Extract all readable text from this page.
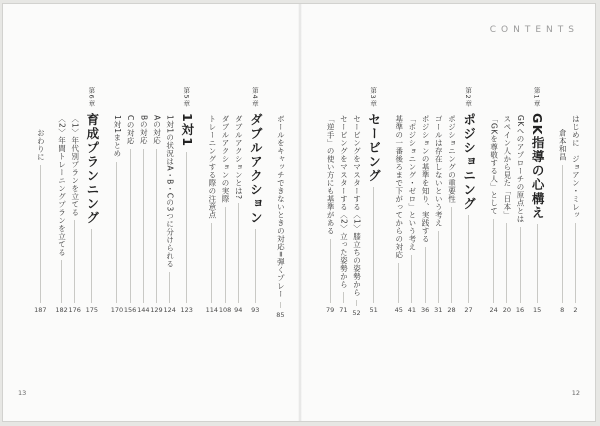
ボールをキャッチできないときの対応=弾くプレー
85
第4章
ダブルアクション
93
ダブルアクションとは?
94
ダブルアクションの実際
108
トレーニングする際の注意点
114
第5章
1対1
123
1対1の状況はA・B・Cの3つに分けられる
124
Aの対応
129
Bの対応
144
Cの対応
156
1対1まとめ
170
第6章
育成プランニング
175
〈1〉年代別プランを立てる
176
〈2〉年間トレーニングプランを立てる
182
おわりに
187
13
CONTENTS
はじめに　ジョアン・ミレッ
2
倉本和昌
8
第1章
GK指導の心構え
15
GKへのアプローチの原点とは
16
スペイン人から見た「日本」
20
「GKを尊敬する人」として
24
第2章
ポジショニング
27
ポジショニングの重要性
28
ゴールは存在しないという考え
31
ポジションの基準を知り、実践する
36
「ポジショニング・ゼロ」という考え
41
基準の一番後ろまで下がってからの対応
45
第3章
セービング
51
セービングをマスターする〈1〉膝立ちの姿勢から
52
セービングをマスターする〈2〉立った姿勢から
71
「逆手」の使い方にも基準がある
79
12
